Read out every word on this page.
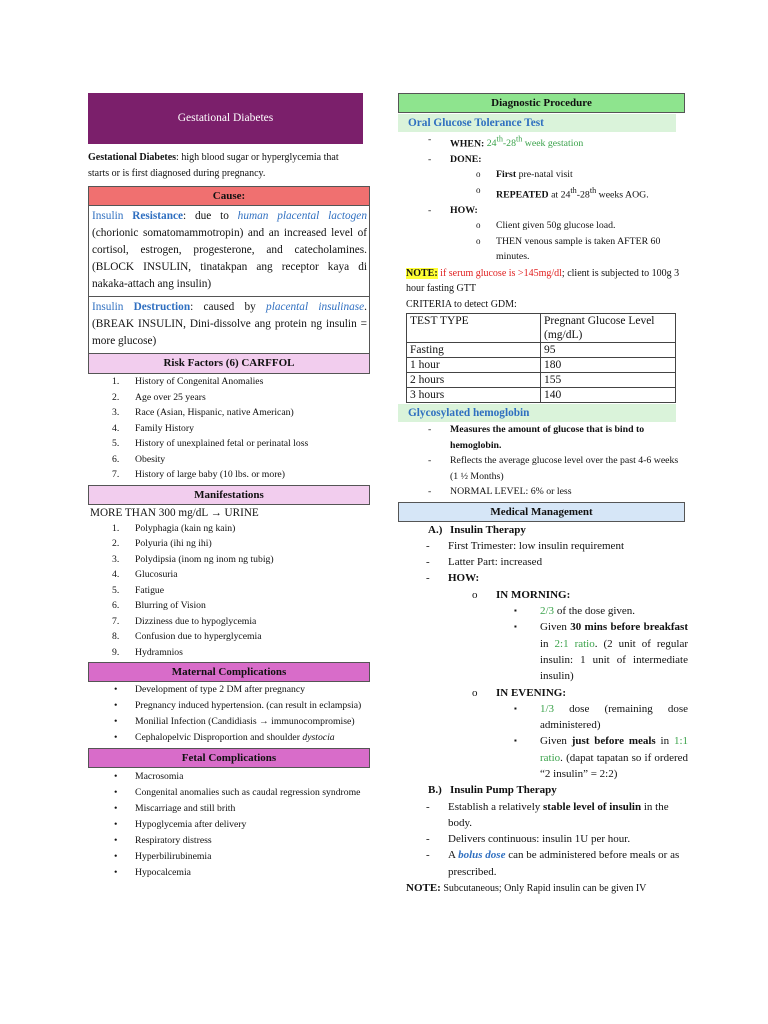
Gestational Diabetes

Gestational Diabetes: high blood sugar or hyperglycemia that starts or is first diagnosed during pregnancy.

Cause:
Insulin Resistance: due to human placental lactogen (chorionic somatomammotropin) and an increased level of cortisol, estrogen, progesterone, and catecholamines. (BLOCK INSULIN, tinatakpan ang receptor kaya di nakaka-attach ang insulin)
Insulin Destruction: caused by placental insulinase. (BREAK INSULIN, Dini-dissolve ang protein ng insulin = more glucose)
Risk Factors (6) CARFFOL
1.	History of Congenital Anomalies
2.	Age over 25 years
3.	Race (Asian, Hispanic, native American)
4.	Family History
5.	History of unexplained fetal or perinatal loss
6.	Obesity
7.	History of large baby (10 lbs. or more)
Manifestations
MORE THAN 300 mg/dL → URINE
1.	Polyphagia (kain ng kain)
2.	Polyuria (ihi ng ihi)
3.	Polydipsia (inom ng inom ng tubig)
4.	Glucosuria
5.	Fatigue
6.	Blurring of Vision
7.	Dizziness due to hypoglycemia
8.	Confusion due to hyperglycemia
9.	Hydramnios
Maternal Complications
•	Development of type 2 DM after pregnancy
•	Pregnancy induced hypertension. (can result in eclampsia)
•	Monilial Infection (Candidiasis → immunocompromise)
•	Cephalopelvic Disproportion and shoulder dystocia
Fetal Complications
•	Macrosomia
•	Congenital anomalies such as caudal regression syndrome
•	Miscarriage and still brith
•	Hypoglycemia after delivery
•	Respiratory distress
•	Hyperbilirubinemia
•	Hypocalcemia
Diagnostic Procedure
Oral Glucose Tolerance Test
-	WHEN: 24th-28th week gestation
-	DONE:
o	First pre-natal visit
o	REPEATED at 24th-28th weeks AOG.
-	HOW:
o	Client given 50g glucose load.
o	THEN venous sample is taken AFTER 60 minutes.

NOTE: if serum glucose is >145mg/dl; client is subjected to 100g 3 hour fasting GTT

CRITERIA to detect GDM:

TEST TYPE	Pregnant Glucose Level (mg/dL)
Fasting	95
1 hour	180
2 hours	155
3 hours	140
Glycosylated hemoglobin
-	Measures the amount of glucose that is bind to hemoglobin.
-	Reflects the average glucose level over the past 4-6 weeks (1 ½ Months)
-	NORMAL LEVEL: 6% or less
Medical Management
A.) Insulin Therapy
-	First Trimester: low insulin requirement
-	Latter Part: increased
-	HOW:
o	IN MORNING:
▪	2/3 of the dose given.
▪	Given 30 mins before breakfast in 2:1 ratio. (2 unit of regular insulin: 1 unit of intermediate insulin)
o	IN EVENING:
▪	1/3 dose (remaining dose administered)
▪	Given just before meals in 1:1 ratio. (dapat tapatan so if ordered “2 insulin” = 2:2)
B.) Insulin Pump Therapy
-	Establish a relatively stable level of insulin in the body.
-	Delivers continuous: insulin 1U per hour.
-	A bolus dose can be administered before meals or as prescribed.

NOTE: Subcutaneous; Only Rapid insulin can be given IV
